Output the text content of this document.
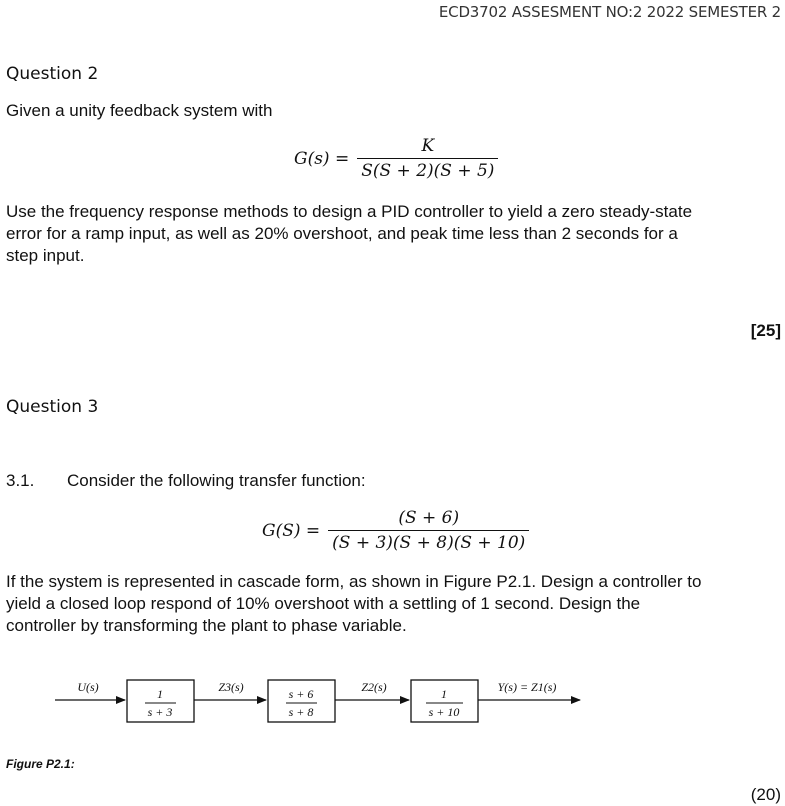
ECD3702 ASSESMENT NO:2 2022 SEMESTER 2
Question 2
Given a unity feedback system with
$G(s) = \frac{K}{S(S + 2)(S + 5)}$
Use the frequency response methods to design a PID controller to yield a zero steady-state
error for a ramp input, as well as 20% overshoot, and peak time less than 2 seconds for a
step input.
[25]
Question 3
3.1. Consider the following transfer function:
$G(S) = \frac{(S + 6)}{(S + 3)(S + 8)(S + 10)}$
If the system is represented in cascade form, as shown in Figure P2.1. Design a controller to
yield a closed loop respond of 10% overshoot with a settling of 1 second. Design the
controller by transforming the plant to phase variable.
U(s)	1
s + 3
Z3(s)	s + 6
s + 8
Z2(s)	1
s + 10
Y(s) = Z1(s)
Figure P2.1:
(20)
